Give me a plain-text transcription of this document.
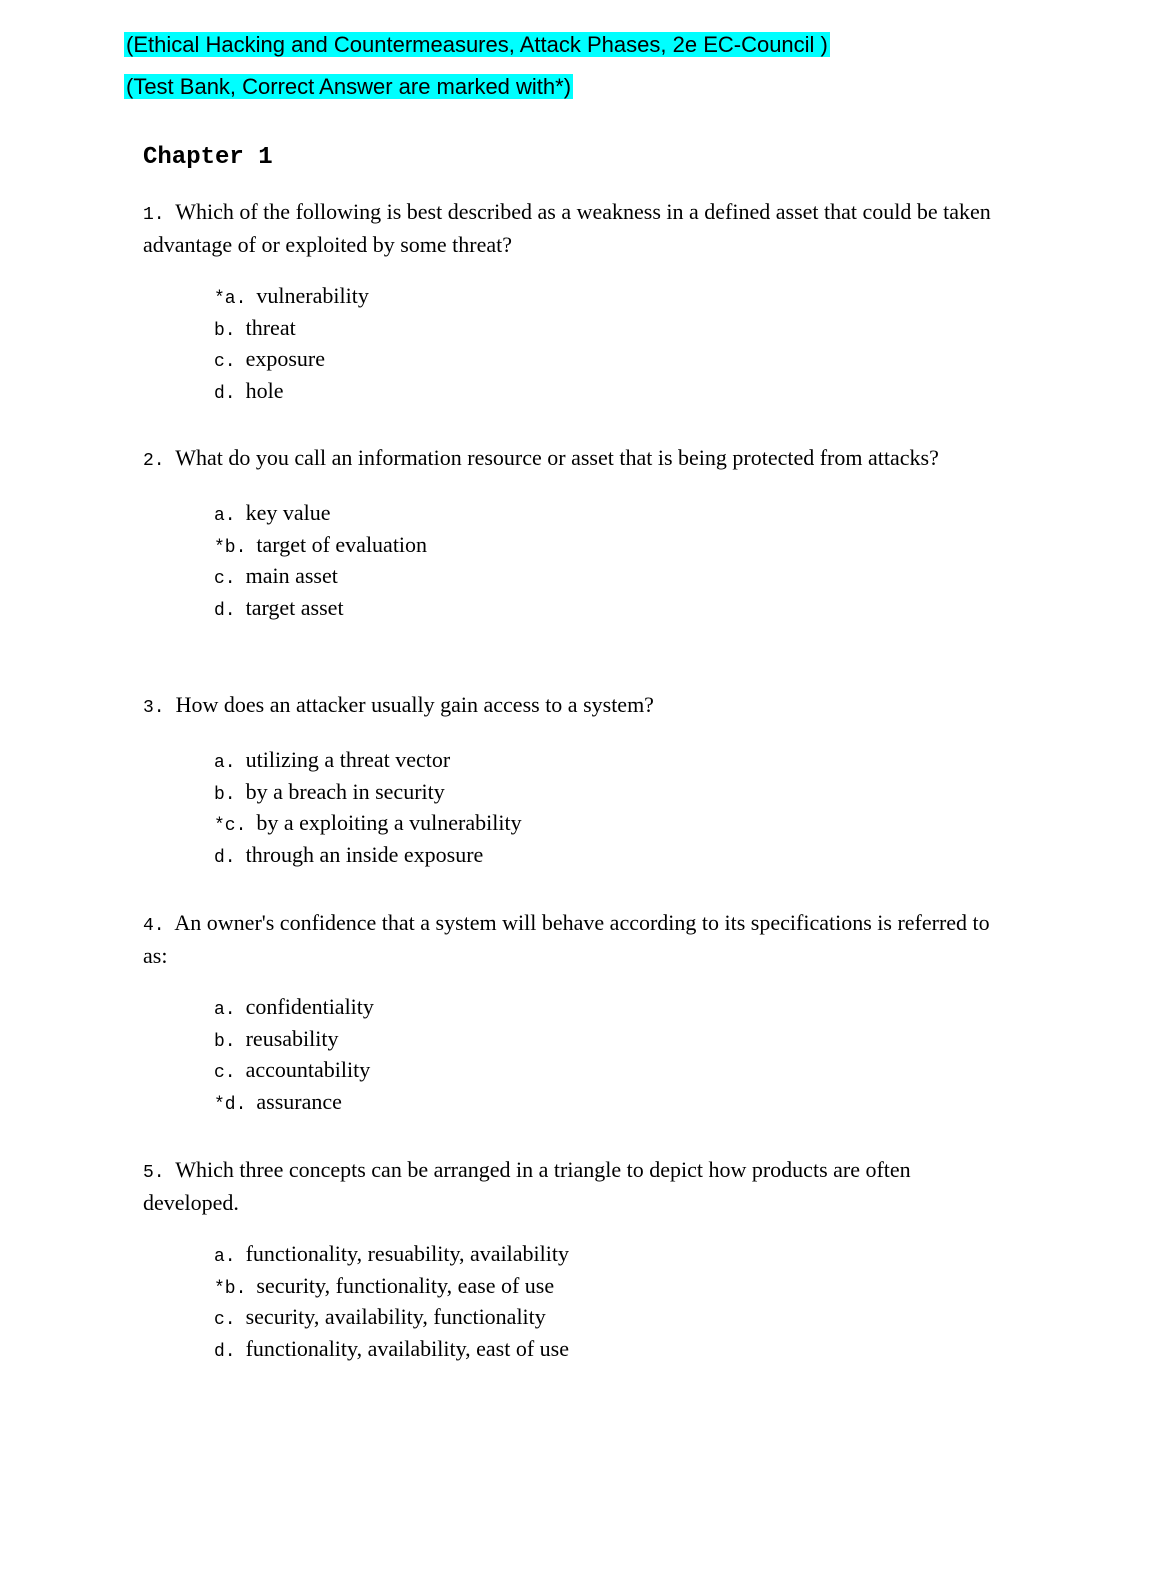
(Ethical Hacking and Countermeasures, Attack Phases, 2e EC-Council )
(Test Bank, Correct Answer are marked with*)
Chapter 1

1. Which of the following is best described as a weakness in a defined asset that could be taken advantage of or exploited by some threat?

*a. vulnerability
b. threat
c. exposure
d. hole

2. What do you call an information resource or asset that is being protected from attacks?

a. key value
*b. target of evaluation
c. main asset
d. target asset

3. How does an attacker usually gain access to a system?

a. utilizing a threat vector
b. by a breach in security
*c. by a exploiting a vulnerability
d. through an inside exposure

4. An owner's confidence that a system will behave according to its specifications is referred to as:

a. confidentiality
b. reusability
c. accountability
*d. assurance

5. Which three concepts can be arranged in a triangle to depict how products are often developed.

a. functionality, resuability, availability
*b. security, functionality, ease of use
c. security, availability, functionality
d. functionality, availability, east of use
